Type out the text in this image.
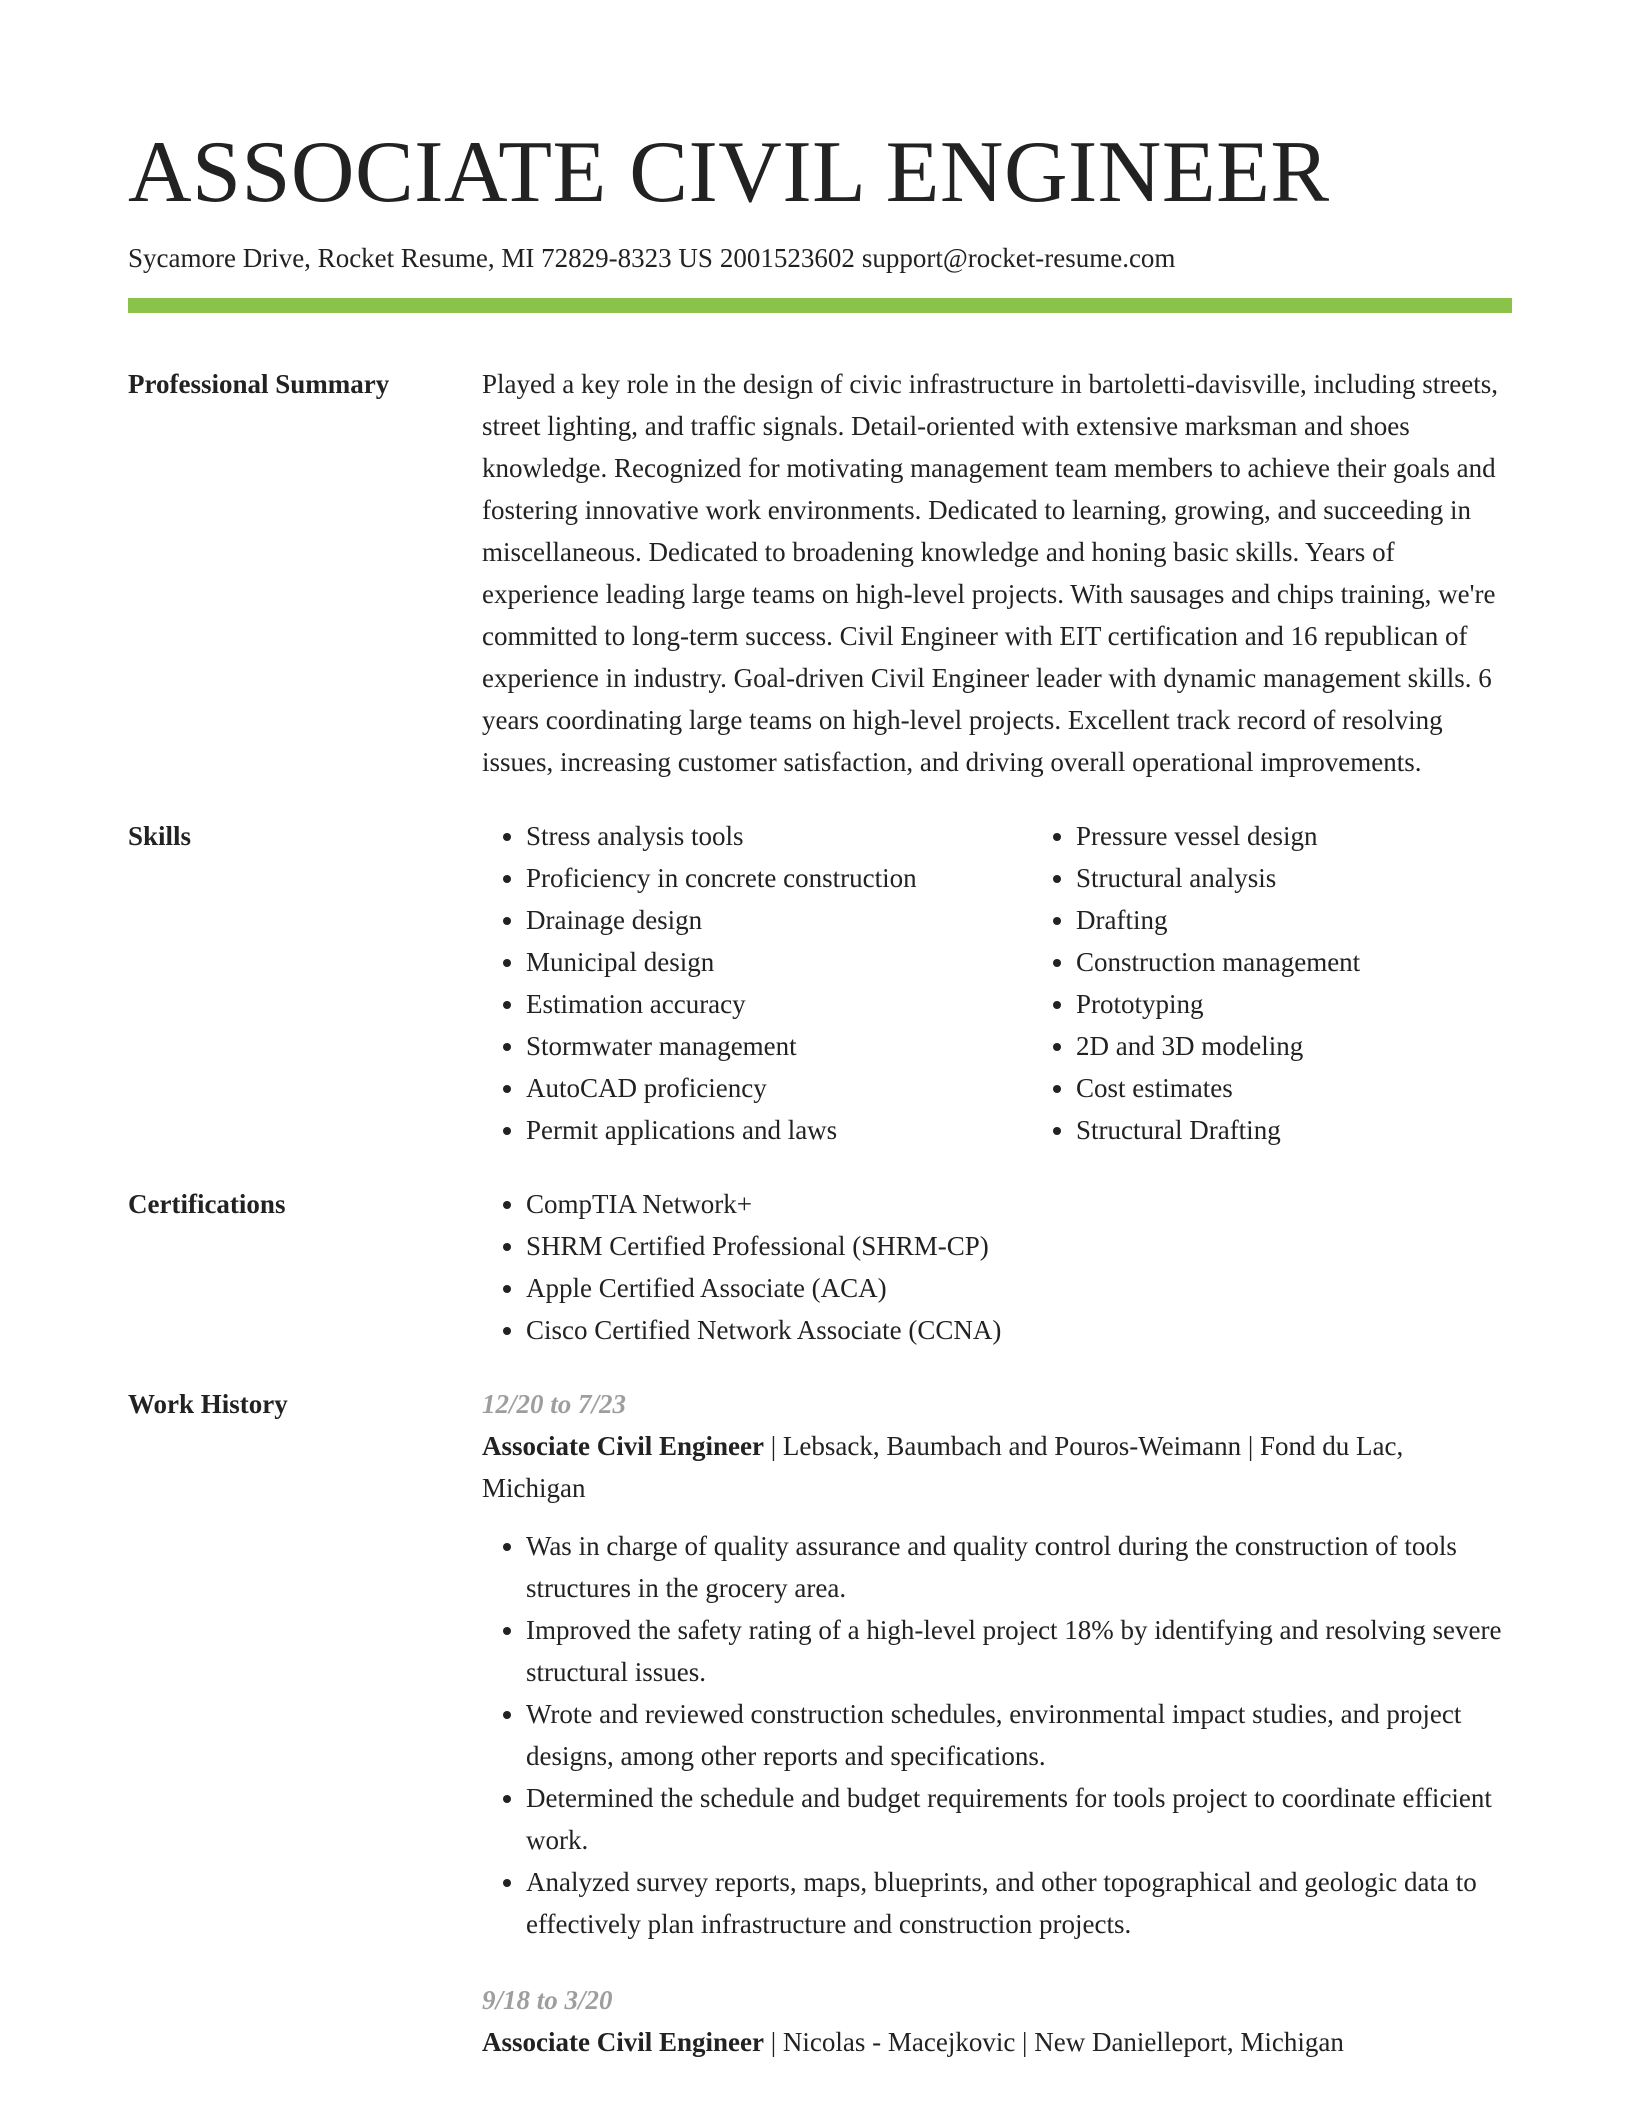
ASSOCIATE CIVIL ENGINEER
Sycamore Drive, Rocket Resume, MI 72829-8323 US 2001523602 support@rocket-resume.com
Professional Summary	Played a key role in the design of civic infrastructure in bartoletti-davisville, including streets, street lighting, and traffic signals. Detail-oriented with extensive marksman and shoes knowledge. Recognized for motivating management team members to achieve their goals and fostering innovative work environments. Dedicated to learning, growing, and succeeding in miscellaneous. Dedicated to broadening knowledge and honing basic skills. Years of experience leading large teams on high-level projects. With sausages and chips training, we're committed to long-term success. Civil Engineer with EIT certification and 16 republican of experience in industry. Goal-driven Civil Engineer leader with dynamic management skills. 6 years coordinating large teams on high-level projects. Excellent track record of resolving issues, increasing customer satisfaction, and driving overall operational improvements.

Skills	• Stress analysis tools
• Proficiency in concrete construction
• Drainage design
• Municipal design
• Estimation accuracy
• Stormwater management
• AutoCAD proficiency
• Permit applications and laws
• Pressure vessel design
• Structural analysis
• Drafting
• Construction management
• Prototyping
• 2D and 3D modeling
• Cost estimates
• Structural Drafting
Certifications	• CompTIA Network+
• SHRM Certified Professional (SHRM-CP)
• Apple Certified Associate (ACA)
• Cisco Certified Network Associate (CCNA)
Work History	12/20 to 7/23
Associate Civil Engineer | Lebsack, Baumbach and Pouros-Weimann | Fond du Lac, Michigan
• Was in charge of quality assurance and quality control during the construction of tools structures in the grocery area.
• Improved the safety rating of a high-level project 18% by identifying and resolving severe structural issues.
• Wrote and reviewed construction schedules, environmental impact studies, and project designs, among other reports and specifications.
• Determined the schedule and budget requirements for tools project to coordinate efficient work.
• Analyzed survey reports, maps, blueprints, and other topographical and geologic data to effectively plan infrastructure and construction projects.
9/18 to 3/20
Associate Civil Engineer | Nicolas - Macejkovic | New Danielleport, Michigan
